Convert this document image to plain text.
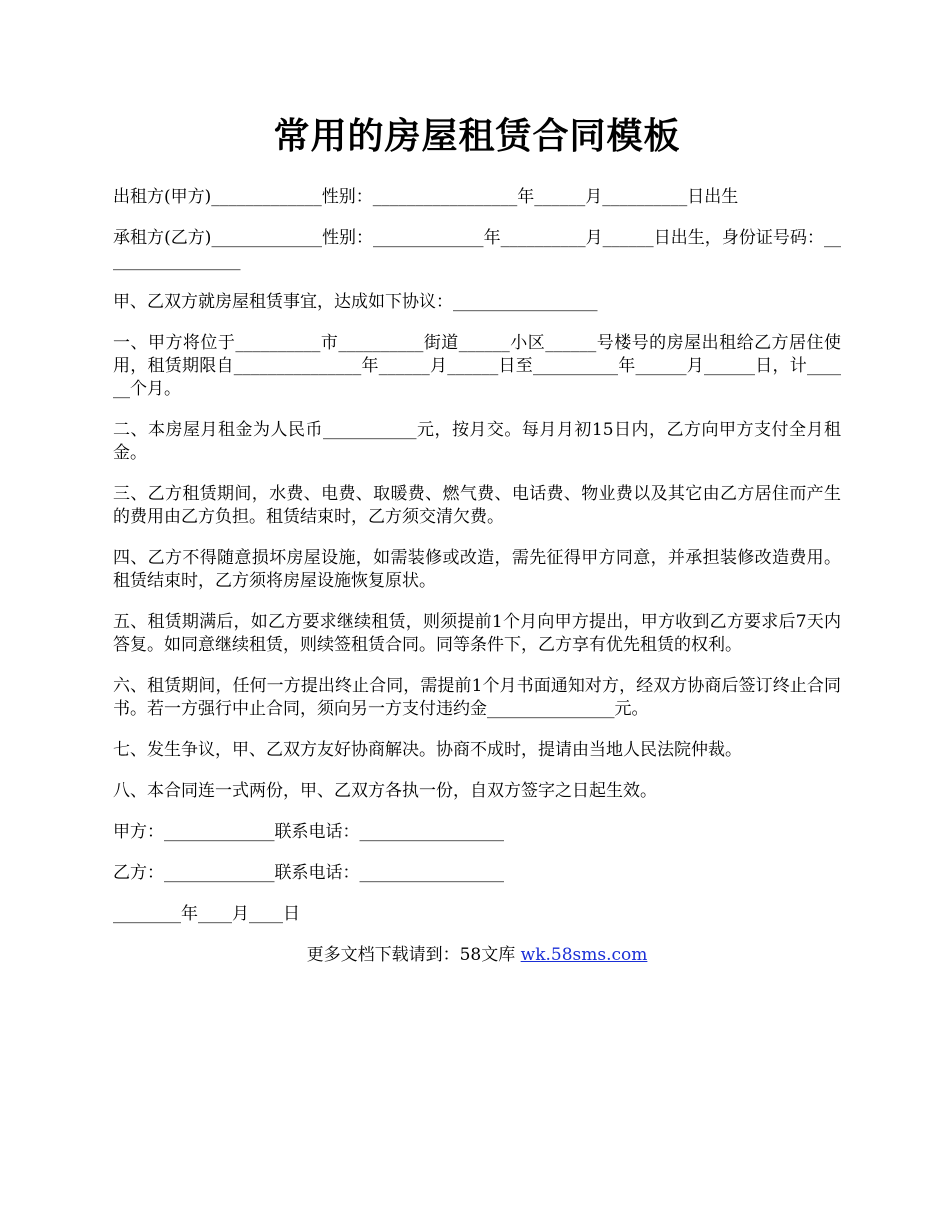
常用的房屋租赁合同模板

出租方(甲方)_____________性别：_________________年______月__________日出生

承租方(乙方)_____________性别：_____________年__________月______日出生，身份证号码：_________________

甲、乙双方就房屋租赁事宜，达成如下协议：_________________

一、甲方将位于__________市__________街道______小区______号楼号的房屋出租给乙方居住使用，租赁期限自_______________年______月______日至__________年______月______日，计______个月。

二、本房屋月租金为人民币___________元，按月交。每月月初15日内，乙方向甲方支付全月租金。

三、乙方租赁期间，水费、电费、取暖费、燃气费、电话费、物业费以及其它由乙方居住而产生的费用由乙方负担。租赁结束时，乙方须交清欠费。

四、乙方不得随意损坏房屋设施，如需装修或改造，需先征得甲方同意，并承担装修改造费用。租赁结束时，乙方须将房屋设施恢复原状。

五、租赁期满后，如乙方要求继续租赁，则须提前1个月向甲方提出，甲方收到乙方要求后7天内答复。如同意继续租赁，则续签租赁合同。同等条件下，乙方享有优先租赁的权利。

六、租赁期间，任何一方提出终止合同，需提前1个月书面通知对方，经双方协商后签订终止合同书。若一方强行中止合同，须向另一方支付违约金_______________元。

七、发生争议，甲、乙双方友好协商解决。协商不成时，提请由当地人民法院仲裁。

八、本合同连一式两份，甲、乙双方各执一份，自双方签字之日起生效。

甲方：_____________联系电话：_________________

乙方：_____________联系电话：_________________

________年____月____日

更多文档下载请到：58文库 wk.58sms.com
